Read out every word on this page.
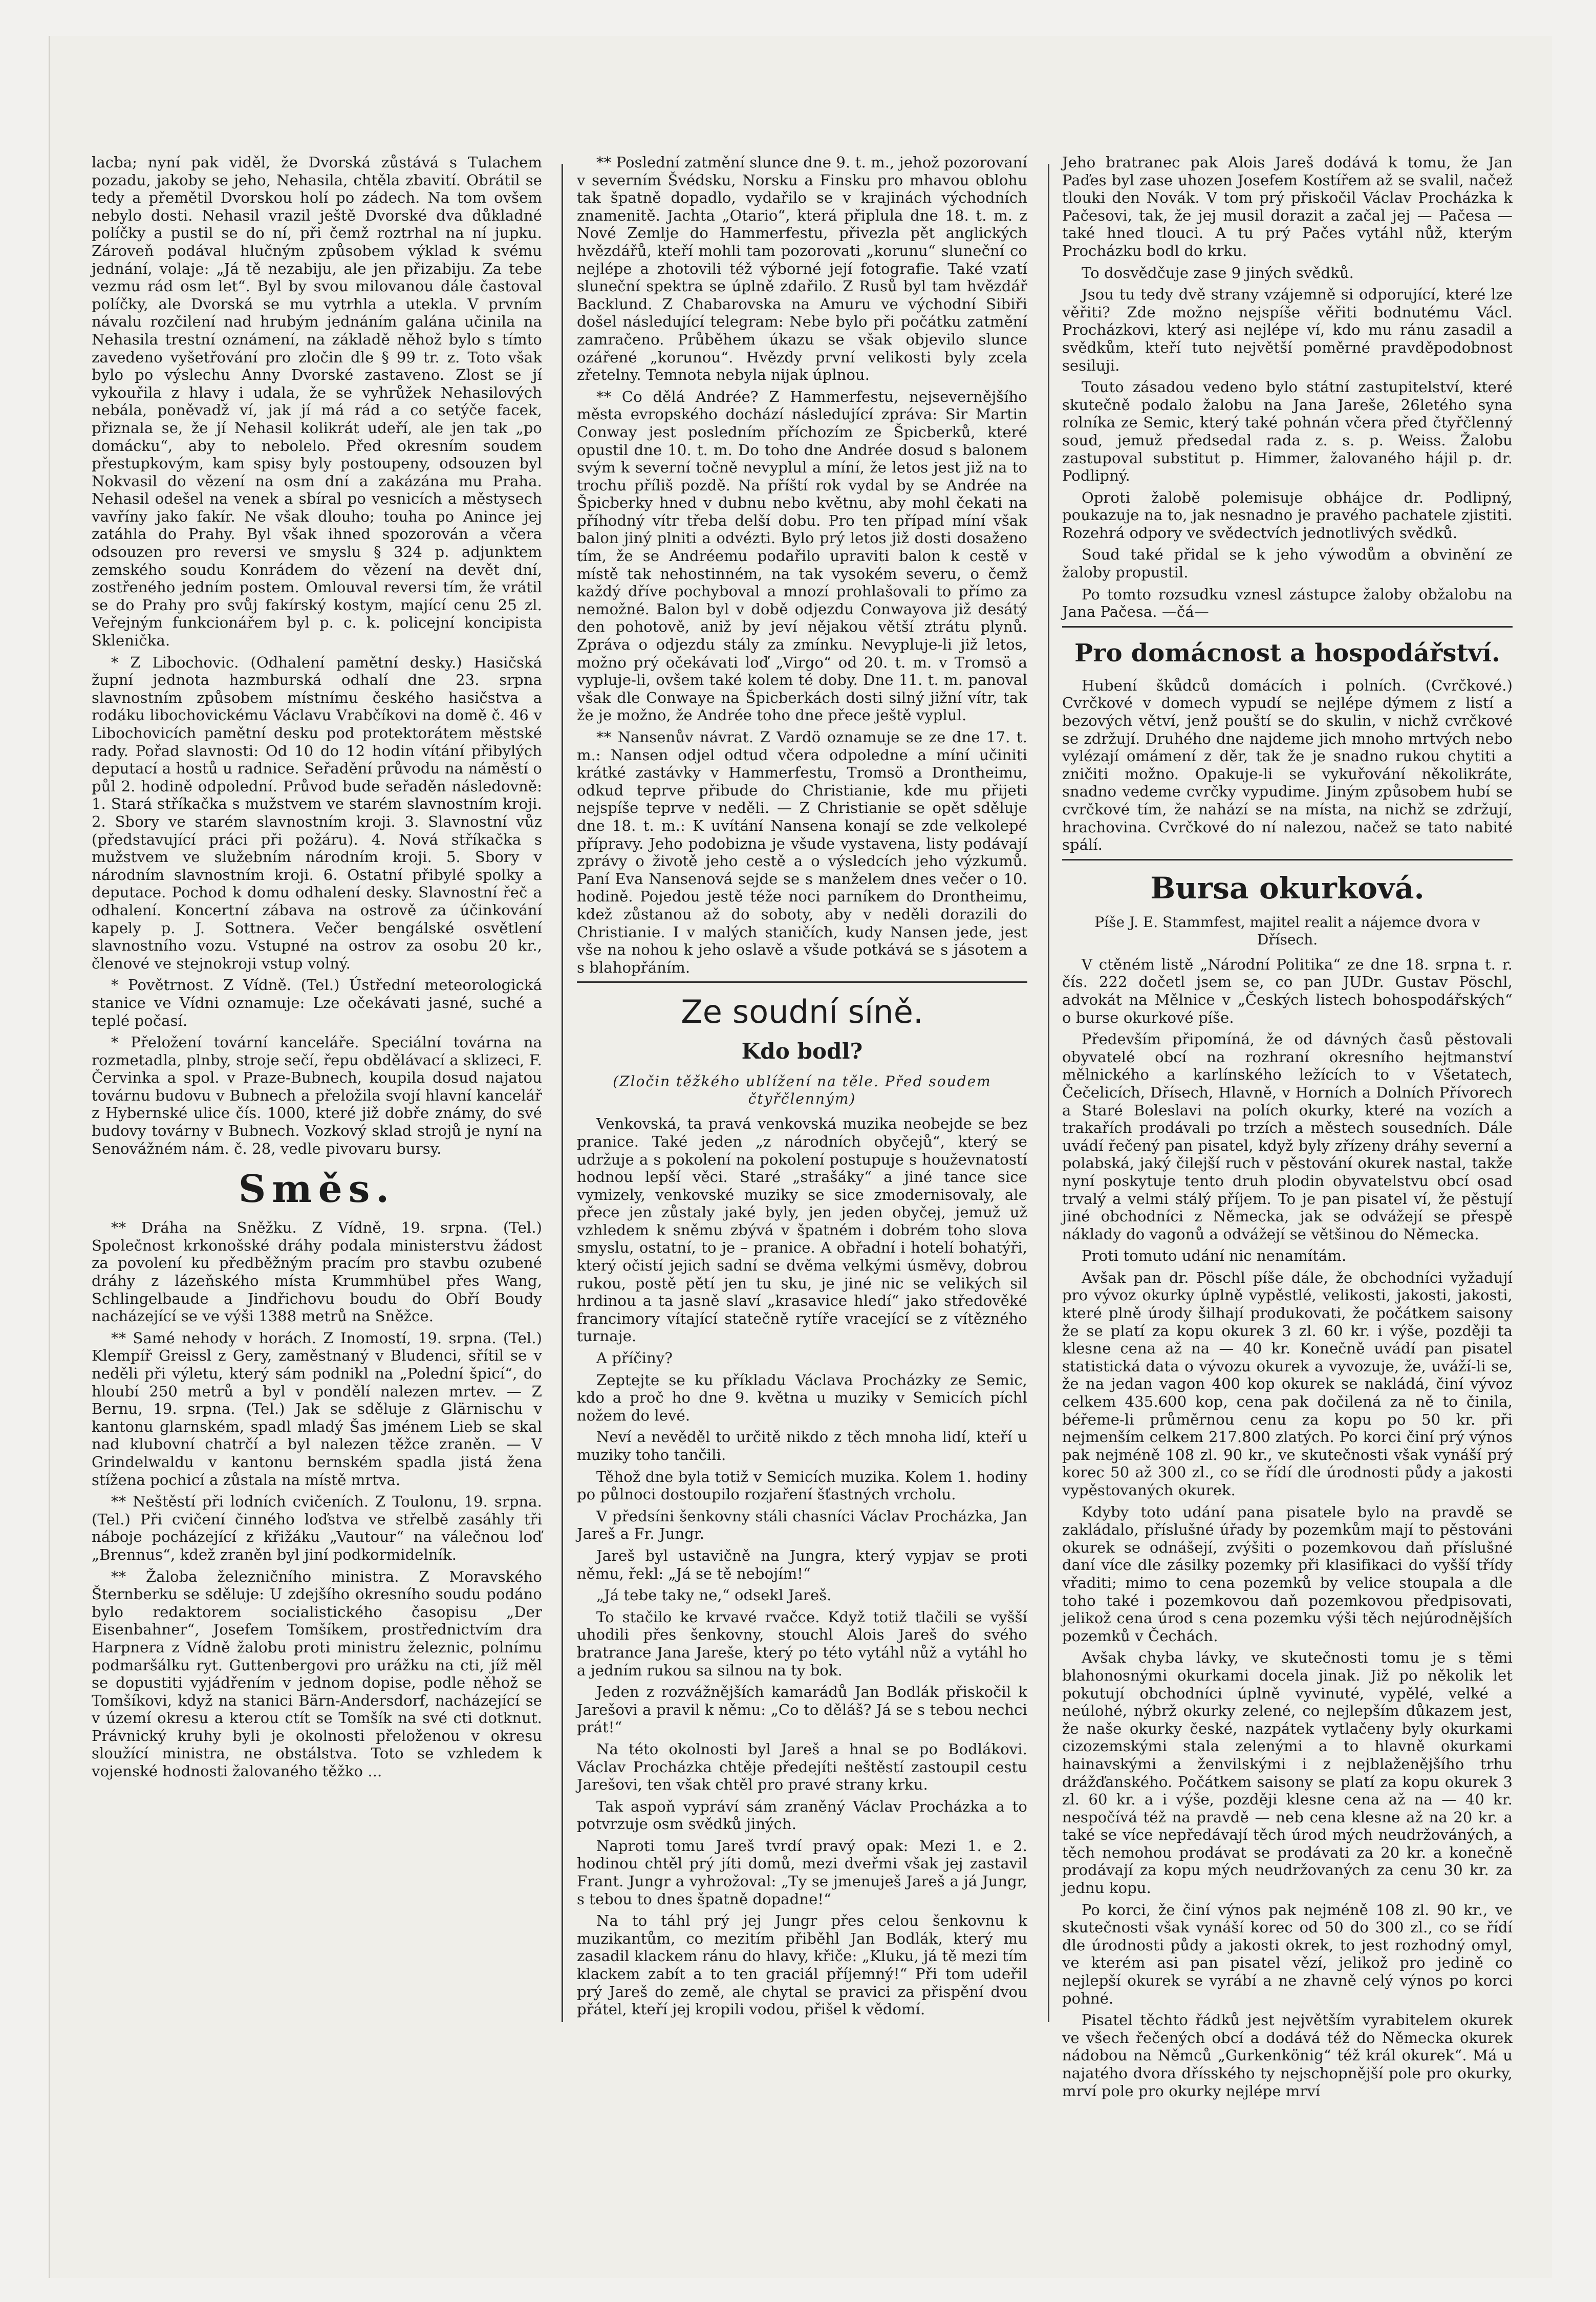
lacba; nyní pak viděl, že Dvorská zůstává s Tulachem pozadu, jakoby se jeho, Nehasila, chtěla zbavití. Obrátil se tedy a přemětil Dvorskou holí po zádech. Na tom ovšem nebylo dosti. Nehasil vrazil ještě Dvorské dva důkladné políčky a pustil se do ní, při čemž roztrhal na ní jupku. Zároveň podával hlučným způsobem výklad k svému jednání, volaje: „Já tě nezabiju, ale jen přizabiju. Za tebe vezmu rád osm let“. Byl by svou milovanou dále častoval políčky, ale Dvorská se mu vytrhla a utekla. V prvním návalu rozčilení nad hrubým jednáním galána učinila na Nehasila trestní oznámení, na základě něhož bylo s tímto zavedeno vyšetřování pro zločin dle § 99 tr. z. Toto však bylo po výslechu Anny Dvorské zastaveno. Zlost se jí vykouřila z hlavy i udala, že se vyhrůžek Nehasilových nebála, poněvadž ví, jak jí má rád a co setýče facek, přiznala se, že jí Nehasil kolikrát udeří, ale jen tak „po domácku“, aby to nebolelo. Před okresním soudem přestupkovým, kam spisy byly postoupeny, odsouzen byl Nokvasil do vězení na osm dní a zakázána mu Praha. Nehasil odešel na venek a sbíral po vesnicích a městysech vavříny jako fakír. Ne však dlouho; touha po Anince jej zatáhla do Prahy. Byl však ihned spozorován a včera odsouzen pro reversi ve smyslu § 324 p. adjunktem zemského soudu Konrádem do vězení na devět dní, zostřeného jedním postem. Omlouval reversi tím, že vrátil se do Prahy pro svůj fakírský kostym, mající cenu 25 zl. Veřejným funkcionářem byl p. c. k. policejní koncipista Sklenička.

* Z Libochovic. (Odhalení pamětní desky.) Hasičská župní jednota hazmburská odhalí dne 23. srpna slavnostním způsobem místnímu českého hasičstva a rodáku libochovickému Václavu Vrabčíkovi na domě č. 46 v Libochovicích pamětní desku pod protektorátem městské rady. Pořad slavnosti: Od 10 do 12 hodin vítání přibylých deputací a hostů u radnice. Seřadění průvodu na náměstí o půl 2. hodině odpolední. Průvod bude seřaděn následovně: 1. Stará stříkačka s mužstvem ve starém slavnostním kroji. 2. Sbory ve starém slavnostním kroji. 3. Slavnostní vůz (představující práci při požáru). 4. Nová stříkačka s mužstvem ve služebním národním kroji. 5. Sbory v národním slavnostním kroji. 6. Ostatní přibylé spolky a deputace. Pochod k domu odhalení desky. Slavnostní řeč a odhalení. Koncertní zábava na ostrově za účinkování kapely p. J. Sottnera. Večer bengálské osvětlení slavnostního vozu. Vstupné na ostrov za osobu 20 kr., členové ve stejnokroji vstup volný.

* Povětrnost. Z Vídně. (Tel.) Ústřední meteorologická stanice ve Vídni oznamuje: Lze očekávati jasné, suché a teplé počasí.

* Přeložení tovární kanceláře. Speciální továrna na rozmetadla, plnby, stroje sečí, řepu obdělávací a sklizeci, F. Červinka a spol. v Praze-Bubnech, koupila dosud najatou továrnu budovu v Bubnech a přeložila svojí hlavní kancelář z Hybernské ulice čís. 1000, které již dobře známy, do své budovy továrny v Bubnech. Vozkový sklad strojů je nyní na Senovážném nám. č. 28, vedle pivovaru bursy.

Směs.

** Dráha na Sněžku. Z Vídně, 19. srpna. (Tel.) Společnost krkonošské dráhy podala ministerstvu žádost za povolení ku předběžným pracím pro stavbu ozubené dráhy z lázeňského místa Krummhübel přes Wang, Schlingelbaude a Jindřichovu boudu do Obří Boudy nacházející se ve výši 1388 metrů na Sněžce.

** Samé nehody v horách. Z Inomostí, 19. srpna. (Tel.) Klempíř Greissl z Gery, zaměstnaný v Bludenci, sřítil se v neděli při výletu, který sám podnikl na „Polední špicí“, do hloubí 250 metrů a byl v pondělí nalezen mrtev. — Z Bernu, 19. srpna. (Tel.) Jak se sděluje z Glärnischu v kantonu glarnském, spadl mladý Šas jménem Lieb se skal nad klubovní chatrčí a byl nalezen těžce zraněn. — V Grindelwaldu v kantonu bernském spadla jistá žena stížena pochicí a zůstala na místě mrtva.

** Neštěstí při lodních cvičeních. Z Toulonu, 19. srpna. (Tel.) Při cvičení činného loďstva ve střelbě zasáhly tři náboje pocházející z křižáku „Vautour“ na válečnou loď „Brennus“, kdež zraněn byl jiní podkormidelník.

** Žaloba železničního ministra. Z Moravského Šternberku se sděluje: U zdejšího okresního soudu podáno bylo redaktorem socialistického časopisu „Der Eisenbahner“, Josefem Tomšíkem, prostřednictvím dra Harpnera z Vídně žalobu proti ministru železnic, polnímu podmaršálku ryt. Guttenbergovi pro urážku na cti, jíž měl se dopustiti vyjádřením v jednom dopise, podle něhož se Tomšíkovi, když na stanici Bärn-Andersdorf, nacházející se v území okresu a kterou ctít se Tomšík na své cti dotknut. Právnický kruhy byli je okolnosti přeloženou v okresu sloužící ministra, ne obstálstva. Toto se vzhledem k vojenské hodnosti žalovaného těžko ...

** Poslední zatmění slunce dne 9. t. m., jehož pozorovaní v severním Švédsku, Norsku a Finsku pro mhavou oblohu tak špatně dopadlo, vydařilo se v krajinách východních znamenitě. Jachta „Otario“, která připlula dne 18. t. m. z Nové Zemlje do Hammerfestu, přivezla pět anglických hvězdářů, kteří mohli tam pozorovati „korunu“ sluneční co nejlépe a zhotovili též výborné její fotografie. Také vzatí sluneční spektra se úplně zdařilo. Z Rusů byl tam hvězdář Backlund. Z Chabarovska na Amuru ve východní Sibiři došel následující telegram: Nebe bylo při počátku zatmění zamračeno. Průběhem úkazu se však objevilo slunce ozářené „korunou“. Hvězdy první velikosti byly zcela zřetelny. Temnota nebyla nijak úplnou.

** Co dělá Andrée? Z Hammerfestu, nejsevernějšího města evropského dochází následující zpráva: Sir Martin Conway jest posledním příchozím ze Špicberků, které opustil dne 10. t. m. Do toho dne Andrée dosud s balonem svým k severní točně nevyplul a míní, že letos jest již na to trochu příliš pozdě. Na příští rok vydal by se Andrée na Špicberky hned v dubnu nebo květnu, aby mohl čekati na příhodný vítr třeba delší dobu. Pro ten případ míní však balon jiný plniti a odvézti. Bylo prý letos již dosti dosaženo tím, že se Andréemu podařilo upraviti balon k cestě v místě tak nehostinném, na tak vysokém severu, o čemž každý dříve pochyboval a mnozí prohlašovali to přímo za nemožné. Balon byl v době odjezdu Conwayova již desátý den pohotově, aniž by jeví nějakou větší ztrátu plynů. Zpráva o odjezdu stály za zmínku. Nevypluje-li již letos, možno prý očekávati loď „Virgo“ od 20. t. m. v Tromsö a vypluje-li, ovšem také kolem té doby. Dne 11. t. m. panoval však dle Conwaye na Špicberkách dosti silný jižní vítr, tak že je možno, že Andrée toho dne přece ještě vyplul.

** Nansenův návrat. Z Vardö oznamuje se ze dne 17. t. m.: Nansen odjel odtud včera odpoledne a míní učiniti krátké zastávky v Hammerfestu, Tromsö a Drontheimu, odkud teprve přibude do Christianie, kde mu přijeti nejspíše teprve v neděli. — Z Christianie se opět sděluje dne 18. t. m.: K uvítání Nansena konají se zde velkolepé přípravy. Jeho podobizna je všude vystavena, listy podávají zprávy o životě jeho cestě a o výsledcích jeho výzkumů. Paní Eva Nansenová sejde se s manželem dnes večer o 10. hodině. Pojedou jestě téže noci parníkem do Drontheimu, kdež zůstanou až do soboty, aby v neděli dorazili do Christianie. I v malých staničích, kudy Nansen jede, jest vše na nohou k jeho oslavě a všude potkává se s jásotem a s blahopřáním.

Ze soudní síně.
Kdo bodl?
(Zločin těžkého ublížení na těle. Před soudem čtyřčlenným)

Venkovská, ta pravá venkovská muzika neobejde se bez pranice. Také jeden „z národních obyčejů“, který se udržuje a s pokolení na pokolení postupuje s houževnatostí hodnou lepší věci. Staré „strašáky“ a jiné tance sice vymizely, venkovské muziky se sice zmodernisovaly, ale přece jen zůstaly jaké byly, jen jeden obyčej, jemuž už vzhledem k sněmu zbývá v špatném i dobrém toho slova smyslu, ostatní, to je – pranice. A obřadní i hotelí bohatýři, který očistí jejich sadní se dvěma velkými úsměvy, dobrou rukou, postě pětí jen tu sku, je jiné nic se velikých sil hrdinou a ta jasně slaví „krasavice hledí“ jako středověké francimory vítající statečně rytíře vracející se z vítězného turnaje.

A příčiny?

Zeptejte se ku příkladu Václava Procházky ze Semic, kdo a proč ho dne 9. května u muziky v Semicích píchl nožem do levé.

Neví a nevěděl to určitě nikdo z těch mnoha lidí, kteří u muziky toho tančili.

Těhož dne byla totiž v Semicích muzika. Kolem 1. hodiny po půlnoci dostoupilo rozjaření šťastných vrcholu.

V předsíni šenkovny stáli chasníci Václav Procházka, Jan Jareš a Fr. Jungr.

Jareš byl ustavičně na Jungra, který vypjav se proti němu, řekl: „Já se tě nebojím!“

„Já tebe taky ne,“ odsekl Jareš.

To stačilo ke krvavé rvačce. Když totiž tlačili se vyšší uhodili přes šenkovny, stouchl Alois Jareš do svého bratrance Jana Jareše, který po této vytáhl nůž a vytáhl ho a jedním rukou sa silnou na ty bok.

Jeden z rozvážnějších kamarádů Jan Bodlák přiskočil k Jarešovi a pravil k němu: „Co to děláš? Já se s tebou nechci prát!“

Na této okolnosti byl Jareš a hnal se po Bodlákovi. Václav Procházka chtěje předejíti neštěstí zastoupil cestu Jarešovi, ten však chtěl pro pravé strany krku.

Tak aspoň vypráví sám zraněný Václav Procházka a to potvrzuje osm svědků jiných.

Naproti tomu Jareš tvrdí pravý opak: Mezi 1. e 2. hodinou chtěl prý jíti domů, mezi dveřmi však jej zastavil Frant. Jungr a vyhrožoval: „Ty se jmenuješ Jareš a já Jungr, s tebou to dnes špatně dopadne!“

Na to táhl prý jej Jungr přes celou šenkovnu k muzikantům, co mezitím přiběhl Jan Bodlák, který mu zasadil klackem ránu do hlavy, křiče: „Kluku, já tě mezi tím klackem zabít a to ten graciál příjemný!“ Při tom udeřil prý Jareš do země, ale chytal se pravici za přispění dvou přátel, kteří jej kropili vodou, přišel k vědomí.

Jeho bratranec pak Alois Jareš dodává k tomu, že Jan Paďes byl zase uhozen Josefem Kostířem až se svalil, načež tlouki den Novák. V tom prý přiskočil Václav Procházka k Pačesovi, tak, že jej musil dorazit a začal jej — Pačesa — také hned tlouci. A tu prý Pačes vytáhl nůž, kterým Procházku bodl do krku.

To dosvědčuje zase 9 jiných svědků.

Jsou tu tedy dvě strany vzájemně si odporující, které lze věřiti? Zde možno nejspíše věřiti bodnutému Václ. Procházkovi, který asi nejlépe ví, kdo mu ránu zasadil a svědkům, kteří tuto největší poměrné pravděpodobnost sesiluji.

Touto zásadou vedeno bylo státní zastupitelství, které skutečně podalo žalobu na Jana Jareše, 26letého syna rolníka ze Semic, který také pohnán včera před čtyřčlenný soud, jemuž předsedal rada z. s. p. Weiss. Žalobu zastupoval substitut p. Himmer, žalovaného hájil p. dr. Podlipný.

Oproti žalobě polemisuje obhájce dr. Podlipný, poukazuje na to, jak nesnadno je pravého pachatele zjistiti. Rozehrá odpory ve svědectvích jednotlivých svědků.

Soud také přidal se k jeho výwodům a obvinění ze žaloby propustil.

Po tomto rozsudku vznesl zástupce žaloby obžalobu na Jana Pačesa. —čá—

Pro domácnost a hospodářství.

Hubení škůdců domácích i polních. (Cvrčkové.) Cvrčkové v domech vypudí se nejlépe dýmem z listí a bezových větví, jenž pouští se do skulin, v nichž cvrčkové se zdržují. Druhého dne najdeme jich mnoho mrtvých nebo vylézají omámení z děr, tak že je snadno rukou chytiti a zničiti možno. Opakuje-li se vykuřování několikráte, snadno vedeme cvrčky vypudime. Jiným způsobem hubí se cvrčkové tím, že nahází se na místa, na nichž se zdržují, hrachovina. Cvrčkové do ní nalezou, načež se tato nabité spálí.

Bursa okurková.
Píše J. E. Stammfest, majitel realit a nájemce dvora v Dřísech.

V ctěném listě „Národní Politika“ ze dne 18. srpna t. r. čís. 222 dočetl jsem se, co pan JUDr. Gustav Pöschl, advokát na Mělnice v „Českých listech bohospodářských“ o burse okurkové píše.

Především připomíná, že od dávných časů pěstovali obyvatelé obcí na rozhraní okresního hejtmanství mělnického a karlínského ležících to v Všetatech, Čečelicích, Dřísech, Hlavně, v Horních a Dolních Přívorech a Staré Boleslavi na polích okurky, které na vozích a trakařích prodávali po trzích a městech sousedních. Dále uvádí řečený pan pisatel, když byly zřízeny dráhy severní a polabská, jaký čilejší ruch v pěstování okurek nastal, takže nyní poskytuje tento druh plodin obyvatelstvu obcí osad trvalý a velmi stálý příjem. To je pan pisatel ví, že pěstují jiné obchodníci z Německa, jak se odvážejí se přespě náklady do vagonů a odvážejí se většinou do Německa.

Proti tomuto udání nic nenamítám.

Avšak pan dr. Pöschl píše dále, že obchodníci vyžadují pro vývoz okurky úplně vypěstlé, velikosti, jakosti, jakosti, které plně úrody šilhají produkovati, že počátkem saisony že se platí za kopu okurek 3 zl. 60 kr. i výše, později ta klesne cena až na — 40 kr. Konečně uvádí pan pisatel statistická data o vývozu okurek a vyvozuje, že, uváží-li se, že na jedan vagon 400 kop okurek se nakládá, činí vývoz celkem 435.600 kop, cena pak dočilená za ně to činila, béřeme-li průměrnou cenu za kopu po 50 kr. při nejmenším celkem 217.800 zlatých. Po korci činí prý výnos pak nejméně 108 zl. 90 kr., ve skutečnosti však vynáší prý korec 50 až 300 zl., co se řídí dle úrodnosti půdy a jakosti vypěstovaných okurek.

Kdyby toto udání pana pisatele bylo na pravdě se zakládalo, příslušné úřady by pozemkům mají to pěstováni okurek se odnášejí, zvýšiti o pozemkovou daň příslušné daní více dle zásilky pozemky při klasifikaci do vyšší třídy vřaditi; mimo to cena pozemků by velice stoupala a dle toho také i pozemkovou daň pozemkovou předpisovati, jelikož cena úrod s cena pozemku výši těch nejúrodnějších pozemků v Čechách.

Avšak chyba lávky, ve skutečnosti tomu je s těmi blahonosnými okurkami docela jinak. Již po několik let pokutují obchodníci úplně vyvinuté, vypělé, velké a neúlohé, nýbrž okurky zelené, co nejlepším důkazem jest, že naše okurky české, nazpátek vytlačeny byly okurkami cizozemskými stala zelenými a to hlavně okurkami hainavskými a ženvilskými i z nejblaženějšího trhu drážďanského. Počátkem saisony se platí za kopu okurek 3 zl. 60 kr. a i výše, později klesne cena až na — 40 kr. nespočívá též na pravdě — neb cena klesne až na 20 kr. a také se více nepředávají těch úrod mých neudržováných, a těch nemohou prodávat se prodávati za 20 kr. a konečně prodávají za kopu mých neudržovaných za cenu 30 kr. za jednu kopu.

Po korci, že činí výnos pak nejméně 108 zl. 90 kr., ve skutečnosti však vynáší korec od 50 do 300 zl., co se řídí dle úrodnosti půdy a jakosti okrek, to jest rozhodný omyl, ve kterém asi pan pisatel vězí, jelikož pro jedině co nejlepší okurek se vyrábí a ne zhavně celý výnos po korci pohné.

Pisatel těchto řádků jest největším vyrabitelem okurek ve všech řečených obcí a dodává též do Německa okurek nádobou na Němců „Gurkenkönig“ též král okurek“. Má u najatého dvora dřísského ty nejschopnější pole pro okurky, mrví pole pro okurky nejlépe mrví
